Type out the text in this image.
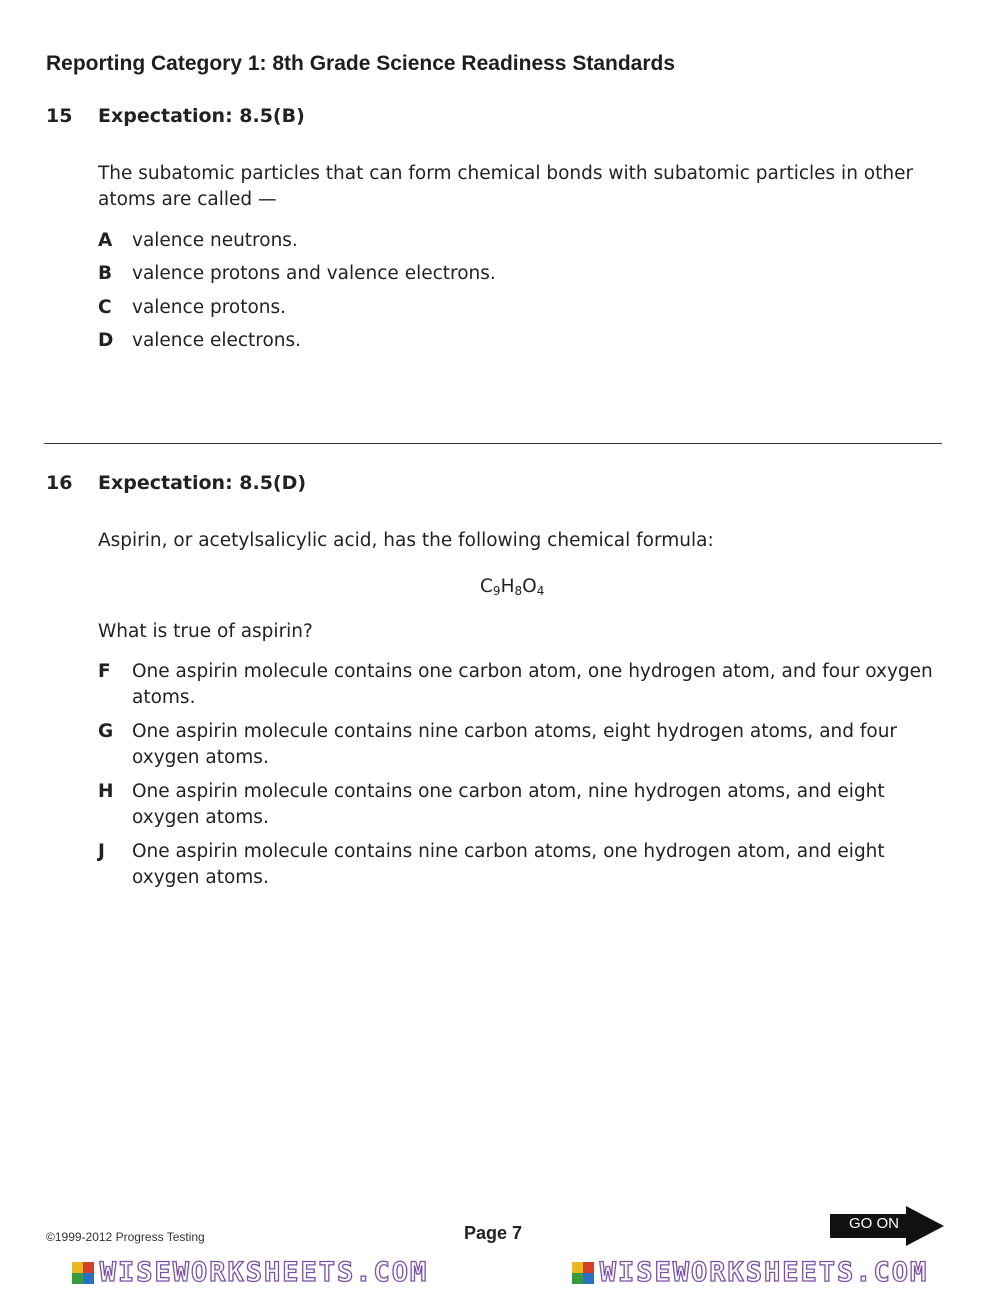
Reporting Category 1: 8th Grade Science Readiness Standards
15 Expectation: 8.5(B)
The subatomic particles that can form chemical bonds with subatomic particles in other atoms are called —
A	valence neutrons.
B	valence protons and valence electrons.
C	valence protons.
D	valence electrons.
16 Expectation: 8.5(D)
Aspirin, or acetylsalicylic acid, has the following chemical formula:
$C_9H_8O_4$
What is true of aspirin?
F	One aspirin molecule contains one carbon atom, one hydrogen atom, and four oxygen atoms.
G	One aspirin molecule contains nine carbon atoms, eight hydrogen atoms, and four oxygen atoms.
H	One aspirin molecule contains one carbon atom, nine hydrogen atoms, and eight oxygen atoms.
J	One aspirin molecule contains nine carbon atoms, one hydrogen atom, and eight oxygen atoms.
©1999-2012 Progress Testing	Page 7	GO ON
WISEWORKSHEETS.COM	WISEWORKSHEETS.COM
